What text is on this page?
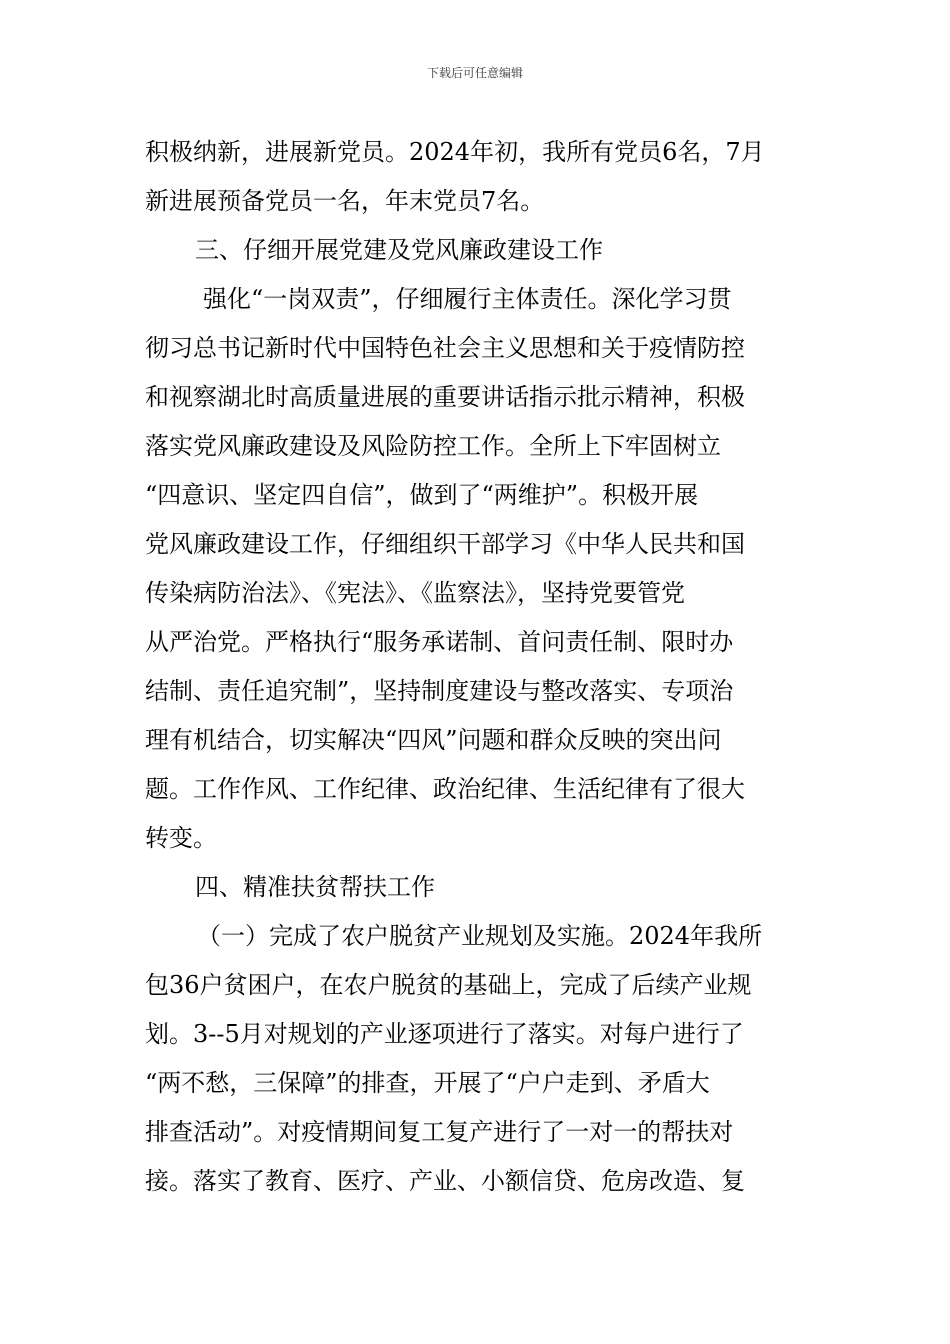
下载后可任意编辑
积极纳新，进展新党员。2024年初，我所有党员6名，7月
新进展预备党员一名，年末党员7名。
三、仔细开展党建及党风廉政建设工作
强化“一岗双责”，仔细履行主体责任。深化学习贯
彻习总书记新时代中国特色社会主义思想和关于疫情防控
和视察湖北时高质量进展的重要讲话指示批示精神，积极
落实党风廉政建设及风险防控工作。全所上下牢固树立
“四意识、坚定四自信”，做到了“两维护”。积极开展
党风廉政建设工作，仔细组织干部学习《中华人民共和国
传染病防治法》、《宪法》、《监察法》，坚持党要管党
从严治党。严格执行“服务承诺制、首问责任制、限时办
结制、责任追究制”，坚持制度建设与整改落实、专项治
理有机结合，切实解决“四风”问题和群众反映的突出问
题。工作作风、工作纪律、政治纪律、生活纪律有了很大
转变。
四、精准扶贫帮扶工作
（一）完成了农户脱贫产业规划及实施。2024年我所
包36户贫困户，在农户脱贫的基础上，完成了后续产业规
划。3--5月对规划的产业逐项进行了落实。对每户进行了
“两不愁，三保障”的排查，开展了“户户走到、矛盾大
排查活动”。对疫情期间复工复产进行了一对一的帮扶对
接。落实了教育、医疗、产业、小额信贷、危房改造、复
